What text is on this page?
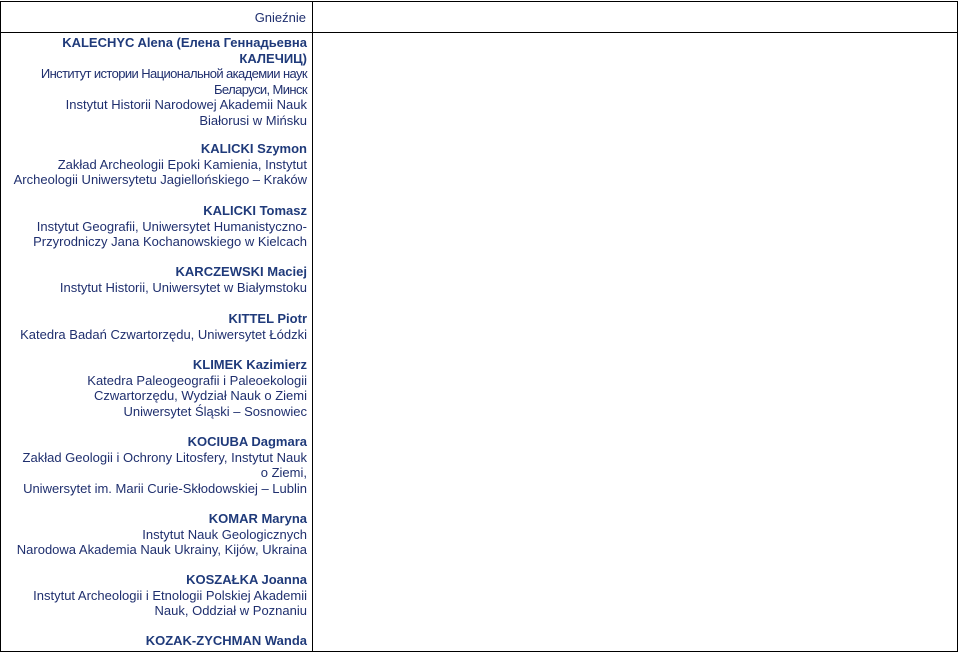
Gnieźnie
KALECHYC Alena (Елена Геннадьевна
КАЛЕЧИЦ)
Институт истории Национальной академии наук
Беларуси, Минск
Instytut Historii Narodowej Akademii Nauk
Białorusi w Mińsku
KALICKI Szymon
Zakład Archeologii Epoki Kamienia, Instytut
Archeologii Uniwersytetu Jagiellońskiego – Kraków
KALICKI Tomasz
Instytut Geografii, Uniwersytet Humanistyczno-
Przyrodniczy Jana Kochanowskiego w Kielcach
KARCZEWSKI Maciej
Instytut Historii, Uniwersytet w Białymstoku
KITTEL Piotr
Katedra Badań Czwartorzędu, Uniwersytet Łódzki
KLIMEK Kazimierz
Katedra Paleogeografii i Paleoekologii
Czwartorzędu, Wydział Nauk o Ziemi
Uniwersytet Śląski – Sosnowiec
KOCIUBA Dagmara
Zakład Geologii i Ochrony Litosfery, Instytut Nauk
o Ziemi,
Uniwersytet im. Marii Curie-Skłodowskiej – Lublin
KOMAR Maryna
Instytut Nauk Geologicznych
Narodowa Akademia Nauk Ukrainy, Kijów, Ukraina
KOSZAŁKA Joanna
Instytut Archeologii i Etnologii Polskiej Akademii
Nauk, Oddział w Poznaniu
KOZAK-ZYCHMAN Wanda
